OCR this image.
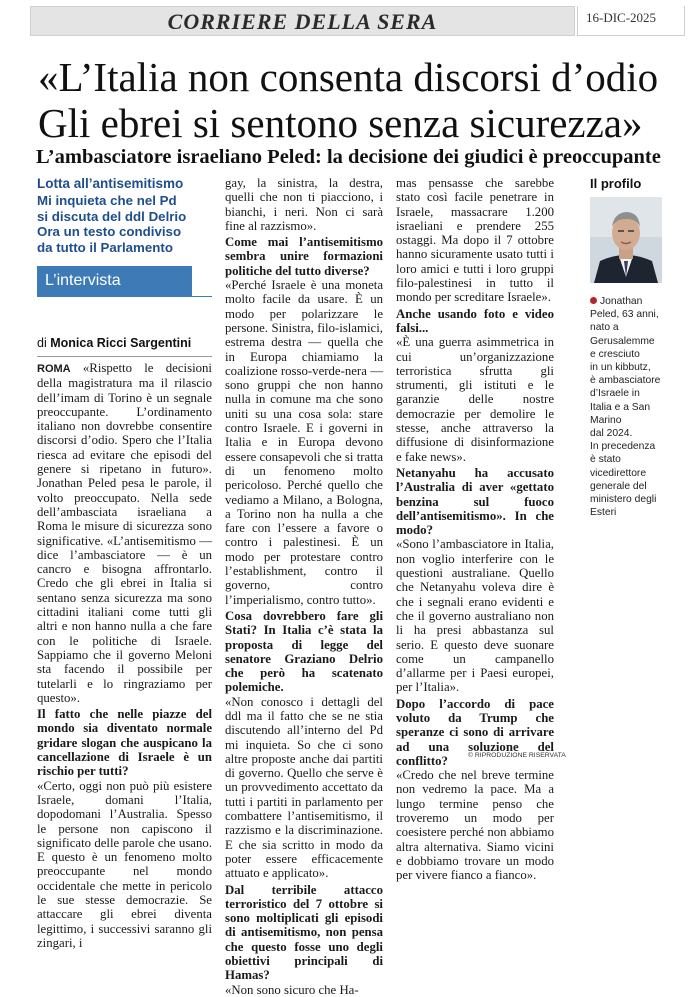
CORRIERE DELLA SERA	16-DIC-2025
«L’Italia non consenta discorsi d’odio
Gli ebrei si sentono senza sicurezza»
L’ambasciatore israeliano Peled: la decisione dei giudici è preoccupante
Lotta all’antisemitismo
Mi inquieta che nel Pd
si discuta del ddl Delrio
Ora un testo condiviso
da tutto il Parlamento
L’intervista
di Monica Ricci Sargentini

ROMA «Rispetto le decisioni della magistratura ma il rilascio dell’imam di Torino è un segnale preoccupante. L’ordinamento italiano non dovrebbe consentire discorsi d’odio. Spero che l’Italia riesca ad evitare che episodi del genere si ripetano in futuro». Jonathan Peled pesa le parole, il volto preoccupato. Nella sede dell’ambasciata israeliana a Roma le misure di sicurezza sono significative. «L’antisemitismo — dice l’ambasciatore — è un cancro e bisogna affrontarlo. Credo che gli ebrei in Italia si sentano senza sicurezza ma sono cittadini italiani come tutti gli altri e non hanno nulla a che fare con le politiche di Israele. Sappiamo che il governo Meloni sta facendo il possibile per tutelarli e lo ringraziamo per questo».

Il fatto che nelle piazze del mondo sia diventato normale gridare slogan che auspicano la cancellazione di Israele è un rischio per tutti?

«Certo, oggi non può più esistere Israele, domani l’Italia, dopodomani l’Australia. Spesso le persone non capiscono il significato delle parole che usano. E questo è un fenomeno molto preoccupante nel mondo occidentale che mette in pericolo le sue stesse democrazie. Se attaccare gli ebrei diventa legittimo, i successivi saranno gli zingari, i

gay, la sinistra, la destra, quelli che non ti piacciono, i bianchi, i neri. Non ci sarà fine al razzismo».

Come mai l’antisemitismo sembra unire formazioni politiche del tutto diverse?

«Perché Israele è una moneta molto facile da usare. È un modo per polarizzare le persone. Sinistra, filo-islamici, estrema destra — quella che in Europa chiamiamo la coalizione rosso-verde-nera — sono gruppi che non hanno nulla in comune ma che sono uniti su una cosa sola: stare contro Israele. E i governi in Italia e in Europa devono essere consapevoli che si tratta di un fenomeno molto pericoloso. Perché quello che vediamo a Milano, a Bologna, a Torino non ha nulla a che fare con l’essere a favore o contro i palestinesi. È un modo per protestare contro l’establishment, contro il governo, contro l’imperialismo, contro tutto».

Cosa dovrebbero fare gli Stati? In Italia c’è stata la proposta di legge del senatore Graziano Delrio che però ha scatenato polemiche.

«Non conosco i dettagli del ddl ma il fatto che se ne stia discutendo all’interno del Pd mi inquieta. So che ci sono altre proposte anche dai partiti di governo. Quello che serve è un provvedimento accettato da tutti i partiti in parlamento per combattere l’antisemitismo, il razzismo e la discriminazione. E che sia scritto in modo da poter essere efficacemente attuato e applicato».

Dal terribile attacco terroristico del 7 ottobre si sono moltiplicati gli episodi di antisemitismo, non pensa che questo fosse uno degli obiettivi principali di Hamas?

«Non sono sicuro che Ha-

mas pensasse che sarebbe stato così facile penetrare in Israele, massacrare 1.200 israeliani e prendere 255 ostaggi. Ma dopo il 7 ottobre hanno sicuramente usato tutti i loro amici e tutti i loro gruppi filo-palestinesi in tutto il mondo per screditare Israele».

Anche usando foto e video falsi...

«È una guerra asimmetrica in cui un’organizzazione terroristica sfrutta gli strumenti, gli istituti e le garanzie delle nostre democrazie per demolire le stesse, anche attraverso la diffusione di disinformazione e fake news».

Netanyahu ha accusato l’Australia di aver «gettato benzina sul fuoco dell’antisemitismo». In che modo?

«Sono l’ambasciatore in Italia, non voglio interferire con le questioni australiane. Quello che Netanyahu voleva dire è che i segnali erano evidenti e che il governo australiano non li ha presi abbastanza sul serio. E questo deve suonare come un campanello d’allarme per i Paesi europei, per l’Italia».

Dopo l’accordo di pace voluto da Trump che speranze ci sono di arrivare ad una soluzione del conflitto?

«Credo che nel breve termine non vedremo la pace. Ma a lungo termine penso che troveremo un modo per coesistere perché non abbiamo altra alternativa. Siamo vicini e dobbiamo trovare un modo per vivere fianco a fianco».

© RIPRODUZIONE RISERVATA
Il profilo
Jonathan
Peled, 63 anni,
nato a
Gerusalemme
e cresciuto
in un kibbutz,
è ambasciatore
d’Israele in
Italia e a San
Marino
dal 2024.
In precedenza
è stato
vicedirettore
generale del
ministero degli
Esteri
